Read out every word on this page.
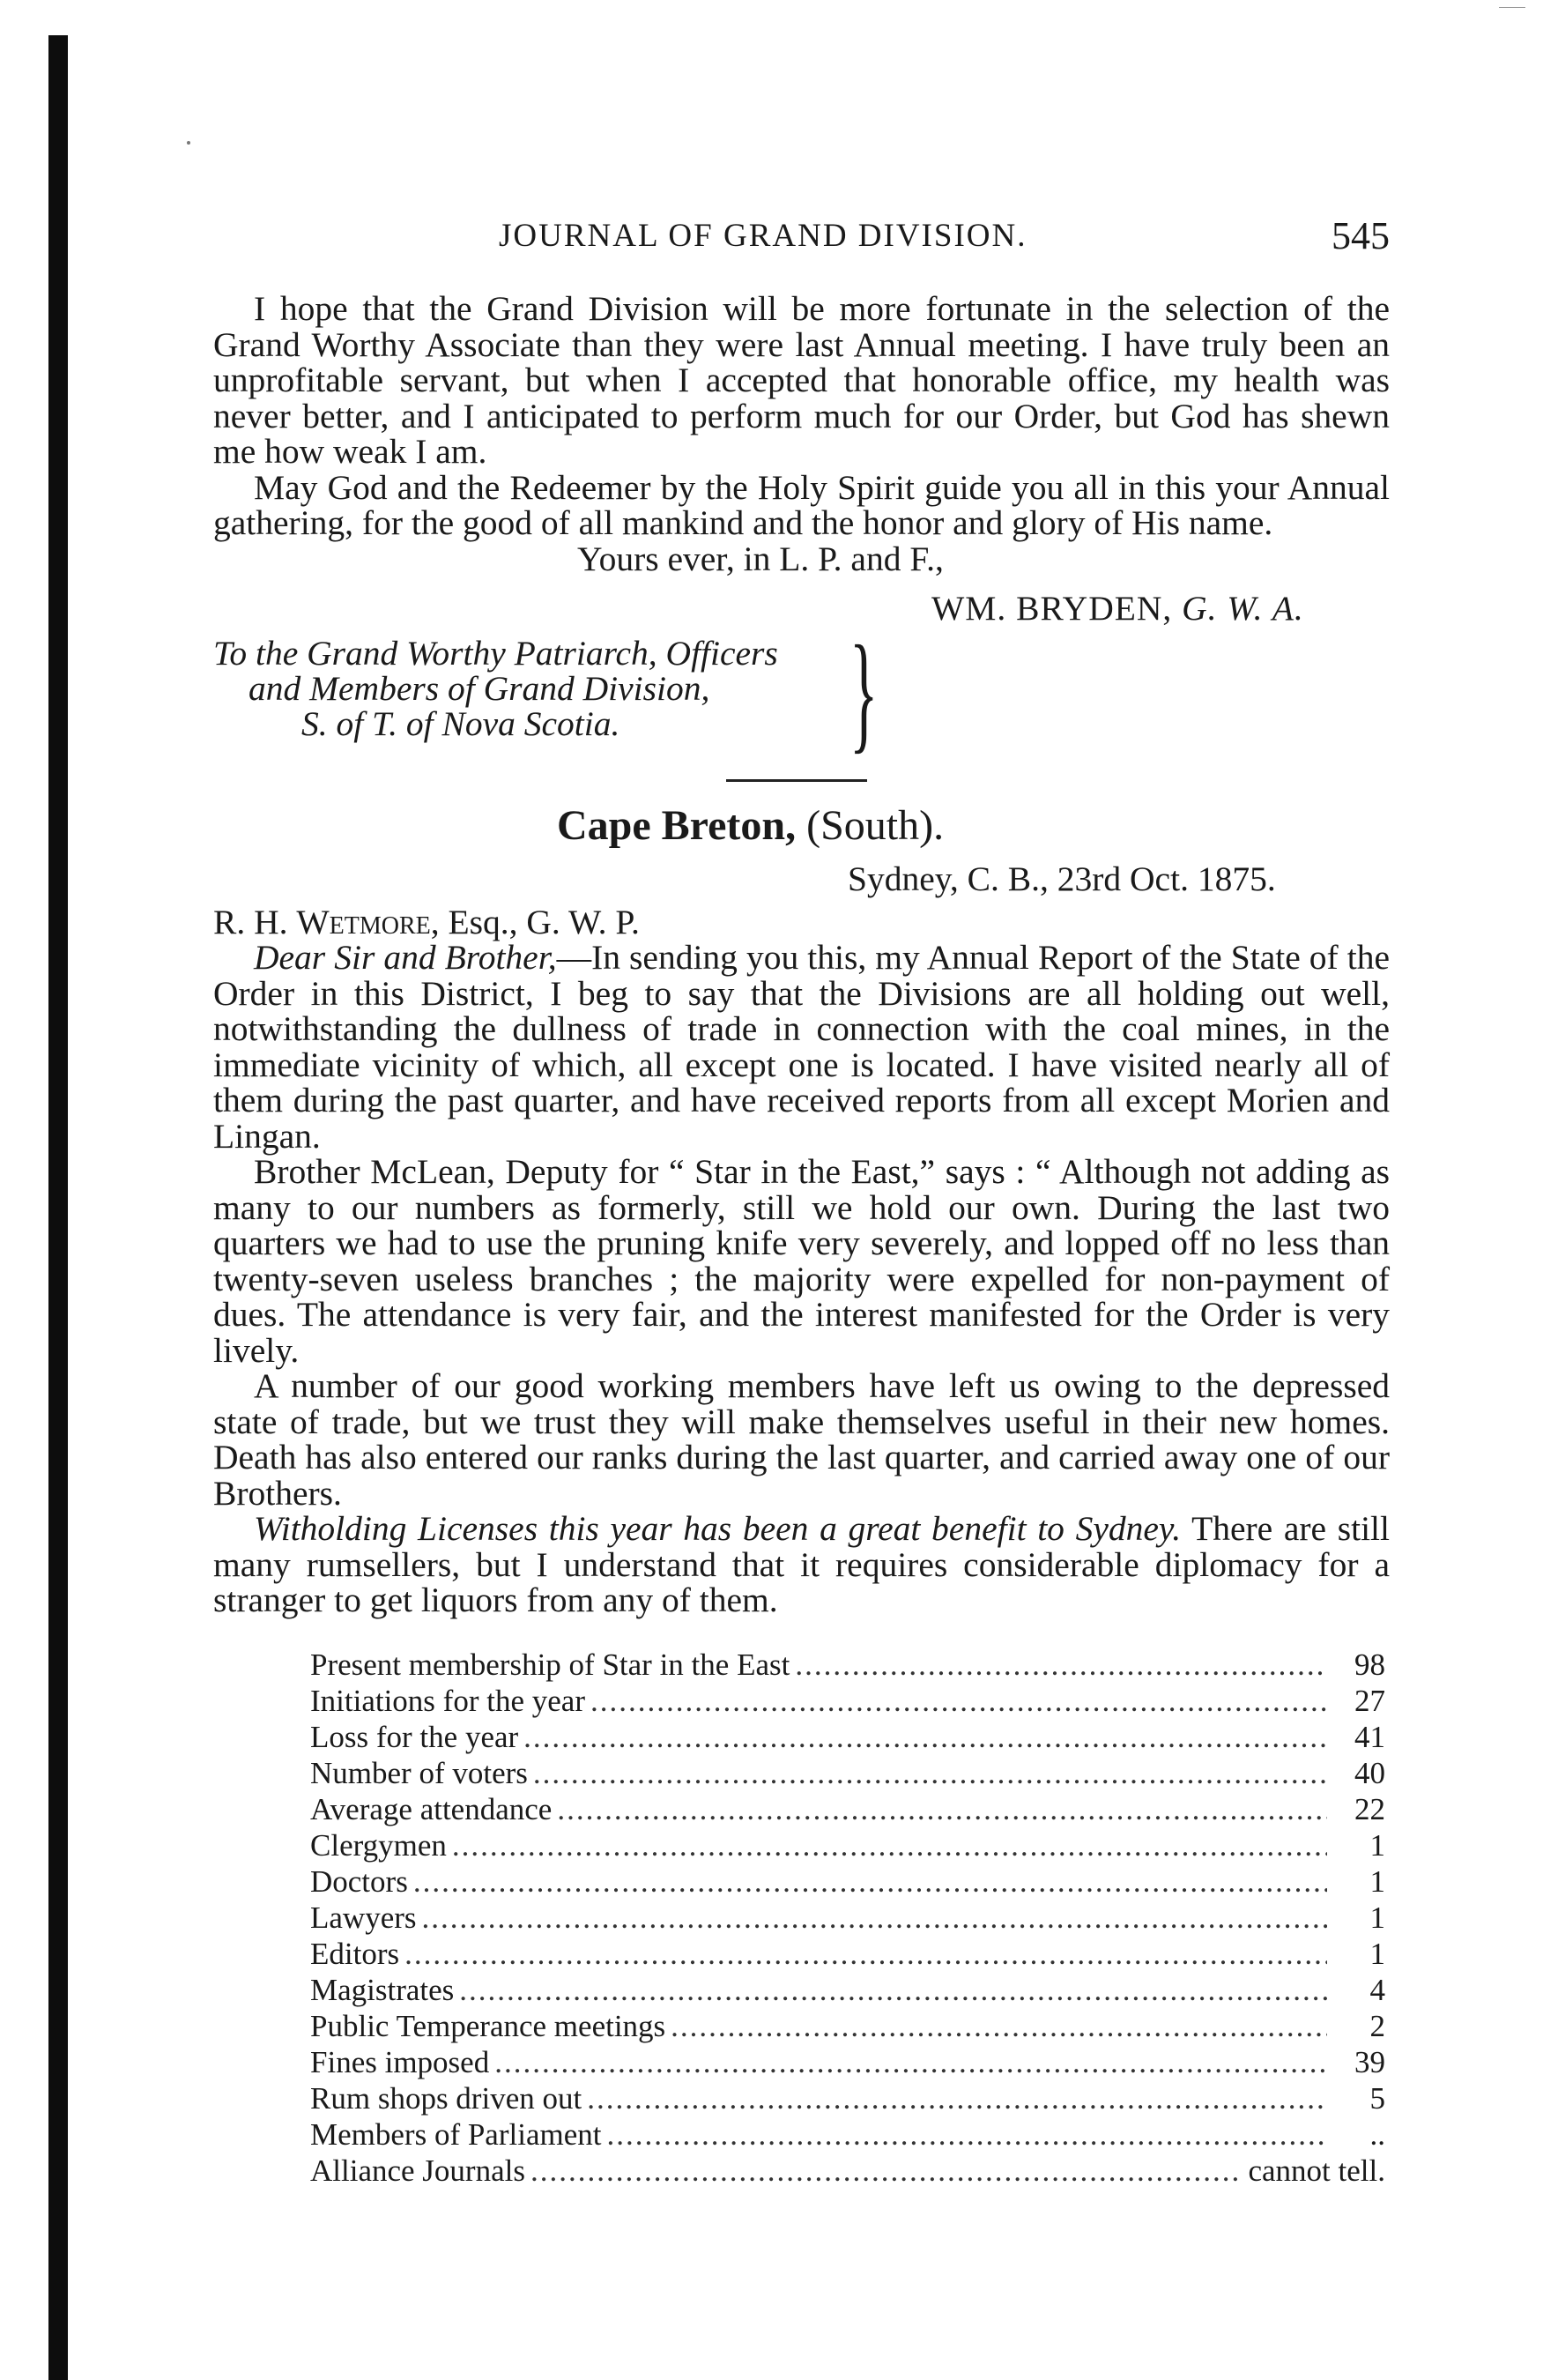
JOURNAL OF GRAND DIVISION.	545

I hope that the Grand Division will be more fortunate in the selection of the Grand Worthy Associate than they were last Annual meeting. I have truly been an unprofitable servant, but when I accepted that honorable office, my health was never better, and I anticipated to perform much for our Order, but God has shewn me how weak I am.

May God and the Redeemer by the Holy Spirit guide you all in this your Annual gathering, for the good of all mankind and the honor and glory of His name.

Yours ever, in L. P. and F.,
WM. BRYDEN, G. W. A.
To the Grand Worthy Patriarch, Officers
and Members of Grand Division,
S. of T. of Nova Scotia. }
Cape Breton, (South).
Sydney, C. B., 23rd Oct. 1875.
R. H. Wetmore, Esq., G. W. P.

Dear Sir and Brother,—In sending you this, my Annual Report of the State of the Order in this District, I beg to say that the Divisions are all holding out well, notwithstanding the dullness of trade in connection with the coal mines, in the immediate vicinity of which, all except one is located. I have visited nearly all of them during the past quarter, and have received reports from all except Morien and Lingan.

Brother McLean, Deputy for “ Star in the East,” says : “ Although not adding as many to our numbers as formerly, still we hold our own. During the last two quarters we had to use the pruning knife very severely, and lopped off no less than twenty-seven useless branches ; the majority were expelled for non-payment of dues. The attendance is very fair, and the interest manifested for the Order is very lively.

A number of our good working members have left us owing to the depressed state of trade, but we trust they will make themselves useful in their new homes. Death has also entered our ranks during the last quarter, and carried away one of our Brothers.

Witholding Licenses this year has been a great benefit to Sydney. There are still many rumsellers, but I understand that it requires considerable diplomacy for a stranger to get liquors from any of them.

Present membership of Star in the East .....	98
Initiations for the year .....	27
Loss for the year .....	41
Number of voters .....	40
Average attendance .....	22
Clergymen .....	1
Doctors .....	1
Lawyers .....	1
Editors .....	1
Magistrates .....	4
Public Temperance meetings .....	2
Fines imposed .....	39
Rum shops driven out .....	5
Members of Parliament .....	..
Alliance Journals .....	cannot tell.
